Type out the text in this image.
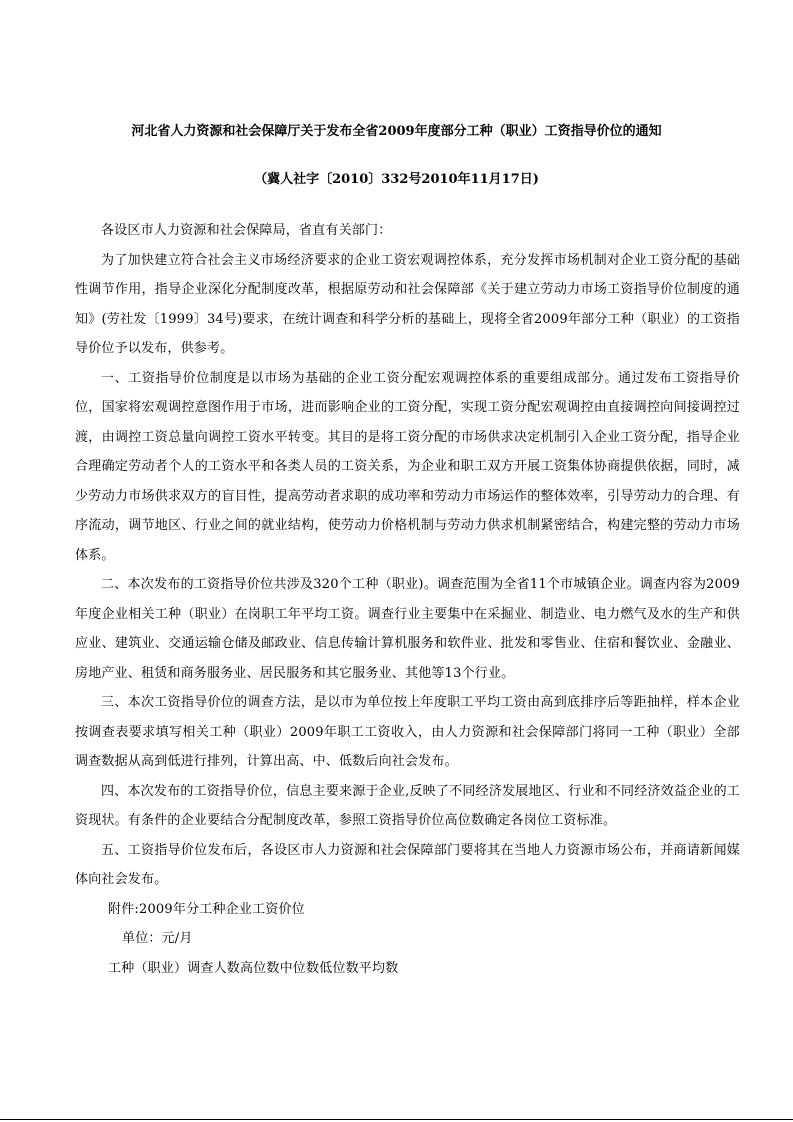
河北省人力资源和社会保障厅关于发布全省2009年度部分工种（职业）工资指导价位的通知
（冀人社字〔2010〕332号2010年11月17日)

各设区市人力资源和社会保障局，省直有关部门：

为了加快建立符合社会主义市场经济要求的企业工资宏观调控体系，充分发挥市场机制对企业工资分配的基础性调节作用，指导企业深化分配制度改革，根据原劳动和社会保障部《关于建立劳动力市场工资指导价位制度的通知》(劳社发〔1999〕34号)要求，在统计调查和科学分析的基础上，现将全省2009年部分工种（职业）的工资指导价位予以发布，供参考。

一、工资指导价位制度是以市场为基础的企业工资分配宏观调控体系的重要组成部分。通过发布工资指导价位，国家将宏观调控意图作用于市场，进而影响企业的工资分配，实现工资分配宏观调控由直接调控向间接调控过渡，由调控工资总量向调控工资水平转变。其目的是将工资分配的市场供求决定机制引入企业工资分配，指导企业合理确定劳动者个人的工资水平和各类人员的工资关系，为企业和职工双方开展工资集体协商提供依据，同时，减少劳动力市场供求双方的盲目性，提高劳动者求职的成功率和劳动力市场运作的整体效率，引导劳动力的合理、有序流动，调节地区、行业之间的就业结构，使劳动力价格机制与劳动力供求机制紧密结合，构建完整的劳动力市场体系。

二、本次发布的工资指导价位共涉及320个工种（职业)。调查范围为全省11个市城镇企业。调查内容为2009年度企业相关工种（职业）在岗职工年平均工资。调查行业主要集中在采掘业、制造业、电力燃气及水的生产和供应业、建筑业、交通运输仓储及邮政业、信息传输计算机服务和软件业、批发和零售业、住宿和餐饮业、金融业、房地产业、租赁和商务服务业、居民服务和其它服务业、其他等13个行业。

三、本次工资指导价位的调查方法，是以市为单位按上年度职工平均工资由高到底排序后等距抽样，样本企业按调查表要求填写相关工种（职业）2009年职工工资收入，由人力资源和社会保障部门将同一工种（职业）全部调查数据从高到低进行排列，计算出高、中、低数后向社会发布。

四、本次发布的工资指导价位，信息主要来源于企业,反映了不同经济发展地区、行业和不同经济效益企业的工资现状。有条件的企业要结合分配制度改革，参照工资指导价位高位数确定各岗位工资标准。

五、工资指导价位发布后，各设区市人力资源和社会保障部门要将其在当地人力资源市场公布，并商请新闻媒体向社会发布。

附件:2009年分工种企业工资价位

单位：元/月

工种（职业）调查人数高位数中位数低位数平均数
